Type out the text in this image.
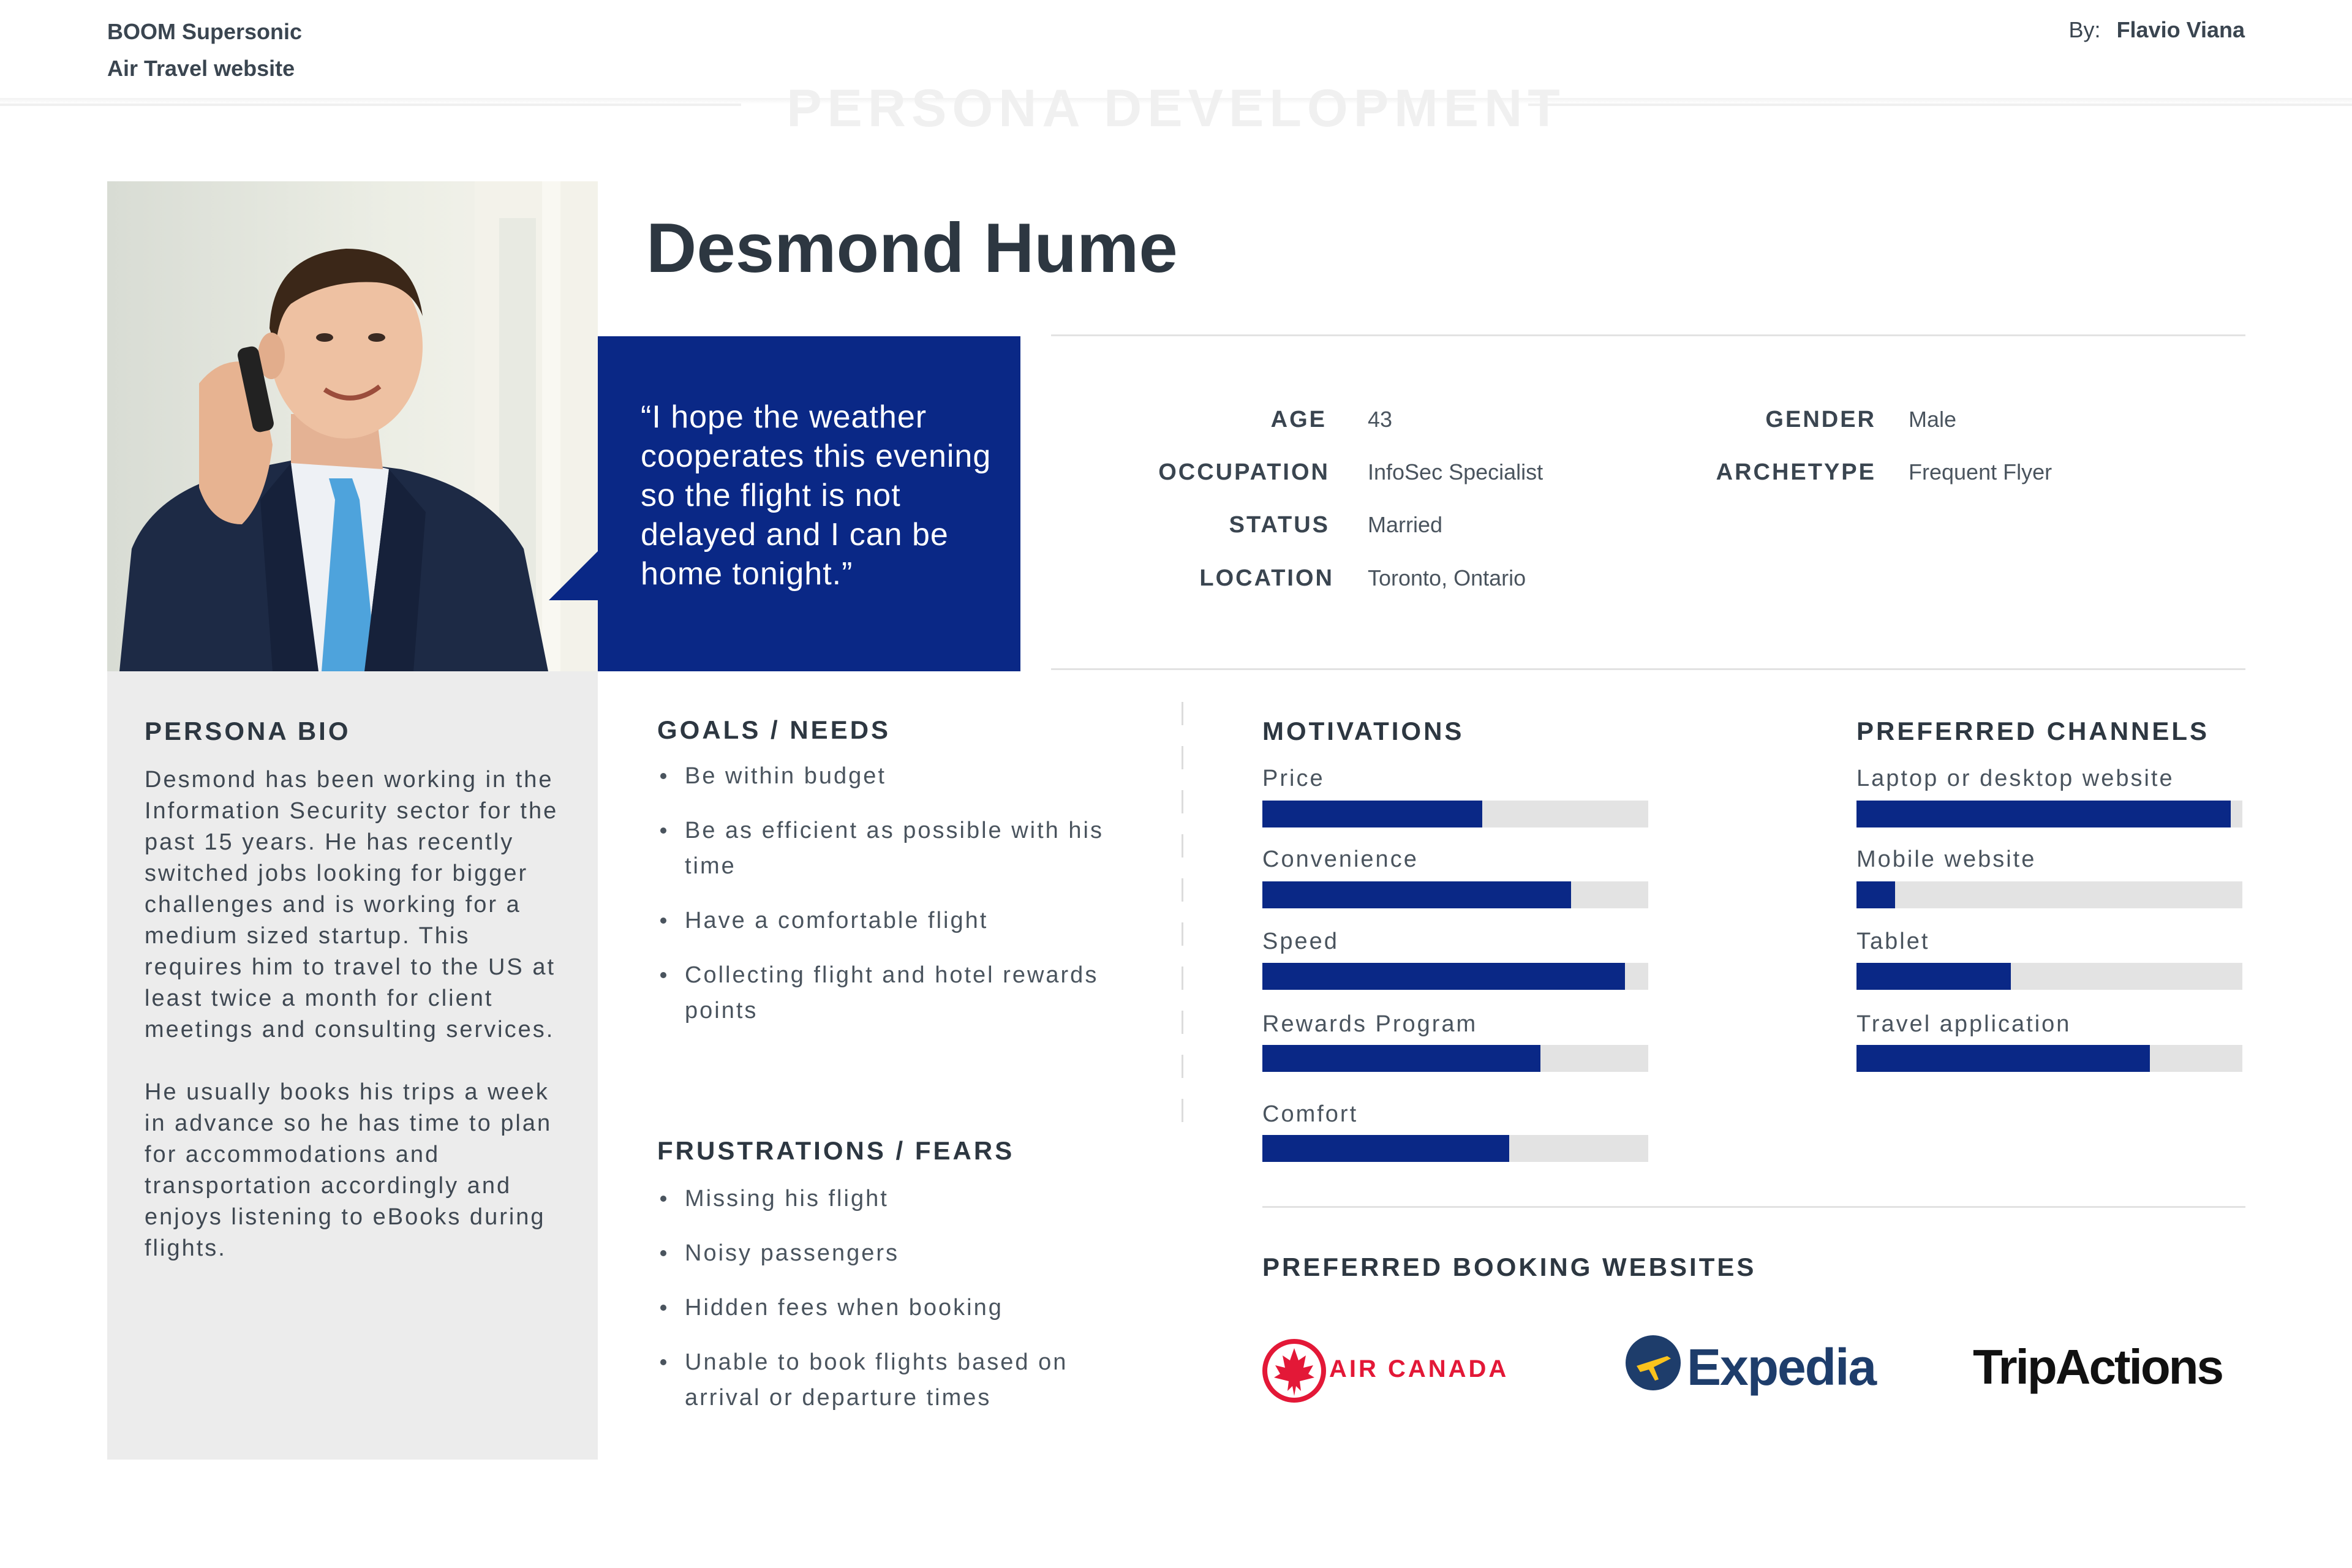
BOOM Supersonic
Air Travel website
By: Flavio Viana
PERSONA DEVELOPMENT
“I hope the weather cooperates this evening so the flight is not delayed and I can be home tonight.”
Desmond Hume
AGE 43
OCCUPATION InfoSec Specialist
STATUS Married
LOCATION Toronto, Ontario
GENDER Male
ARCHETYPE Frequent Flyer
PERSONA BIO

Desmond has been working in the Information Security sector for the past 15 years. He has recently switched jobs looking for bigger challenges and is working for a medium sized startup. This requires him to travel to the US at least twice a month for client meetings and consulting services.

He usually books his trips a week in advance so he has time to plan for accommodations and transportation accordingly and enjoys listening to eBooks during flights.

GOALS / NEEDS
Be within budget
Be as efficient as possible with his time
Have a comfortable flight
Collecting flight and hotel rewards points
FRUSTRATIONS / FEARS
Missing his flight
Noisy passengers
Hidden fees when booking
Unable to book flights based on arrival or departure times
MOTIVATIONS
Price
Convenience
Speed
Rewards Program
Comfort
PREFERRED CHANNELS
Laptop or desktop website
Mobile website
Tablet
Travel application
PREFERRED BOOKING WEBSITES
AIR CANADA	Expedia TripActions
